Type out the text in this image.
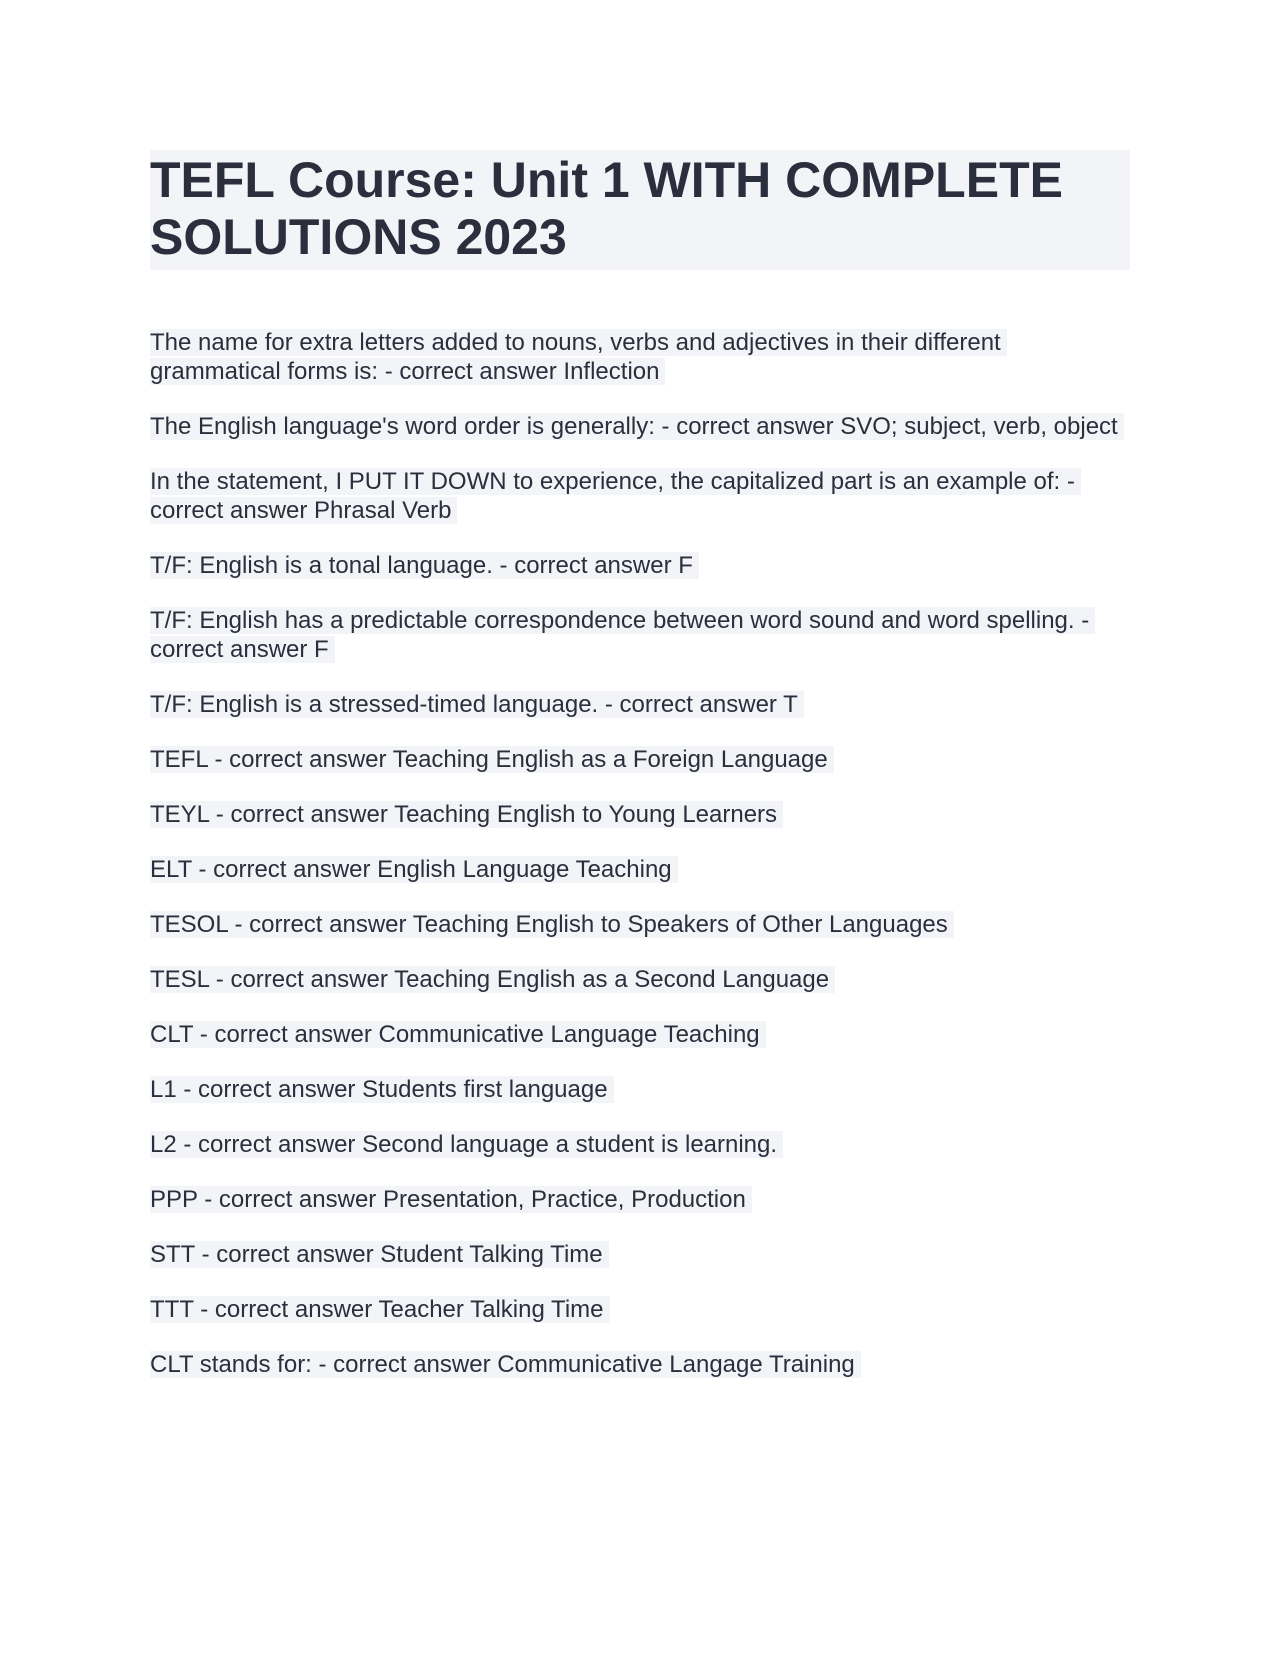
TEFL Course: Unit 1 WITH COMPLETE SOLUTIONS 2023

The name for extra letters added to nouns, verbs and adjectives in their different grammatical forms is: - correct answer Inflection

The English language's word order is generally: - correct answer SVO; subject, verb, object

In the statement, I PUT IT DOWN to experience, the capitalized part is an example of: - correct answer Phrasal Verb

T/F: English is a tonal language. - correct answer F

T/F: English has a predictable correspondence between word sound and word spelling. - correct answer F

T/F: English is a stressed-timed language. - correct answer T

TEFL - correct answer Teaching English as a Foreign Language

TEYL - correct answer Teaching English to Young Learners

ELT - correct answer English Language Teaching

TESOL - correct answer Teaching English to Speakers of Other Languages

TESL - correct answer Teaching English as a Second Language

CLT - correct answer Communicative Language Teaching

L1 - correct answer Students first language

L2 - correct answer Second language a student is learning.

PPP - correct answer Presentation, Practice, Production

STT - correct answer Student Talking Time

TTT - correct answer Teacher Talking Time

CLT stands for: - correct answer Communicative Langage Training
